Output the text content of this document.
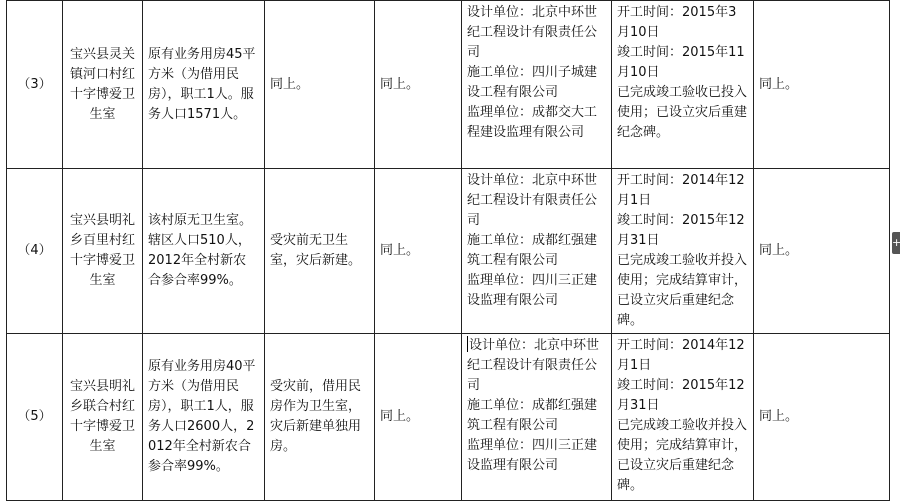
（3）	宝兴县灵关镇河口村红十字博爱卫生室	原有业务用房45平方米（为借用民房），职工1人。服务人口1571人。	同上。	同上。	设计单位：北京中环世纪工程设计有限责任公司
施工单位：四川子城建设工程有限公司
监理单位：成都交大工程建设监理有限公司	开工时间：2015年3月10日
竣工时间：2015年11月10日
已完成竣工验收已投入使用；已设立灾后重建纪念碑。	同上。
（4）	宝兴县明礼乡百里村红十字博爱卫生室	该村原无卫生室。辖区人口510人，2012年全村新农合参合率99%。	受灾前无卫生室，灾后新建。	同上。	设计单位：北京中环世纪工程设计有限责任公司
施工单位：成都红强建筑工程有限公司
监理单位：四川三正建设监理有限公司	开工时间：2014年12月1日
竣工时间：2015年12月31日
已完成竣工验收并投入使用；完成结算审计，已设立灾后重建纪念碑。	同上。
（5）	宝兴县明礼乡联合村红十字博爱卫生室	原有业务用房40平方米（为借用民房），职工1人，服务人口2600人，2012年全村新农合参合率99%。	受灾前，借用民房作为卫生室，灾后新建单独用房。	同上。	设计单位：北京中环世纪工程设计有限责任公司
施工单位：成都红强建筑工程有限公司
监理单位：四川三正建设监理有限公司	开工时间：2014年12月1日
竣工时间：2015年12月31日
已完成竣工验收并投入使用；完成结算审计，已设立灾后重建纪念碑。	同上。
+
